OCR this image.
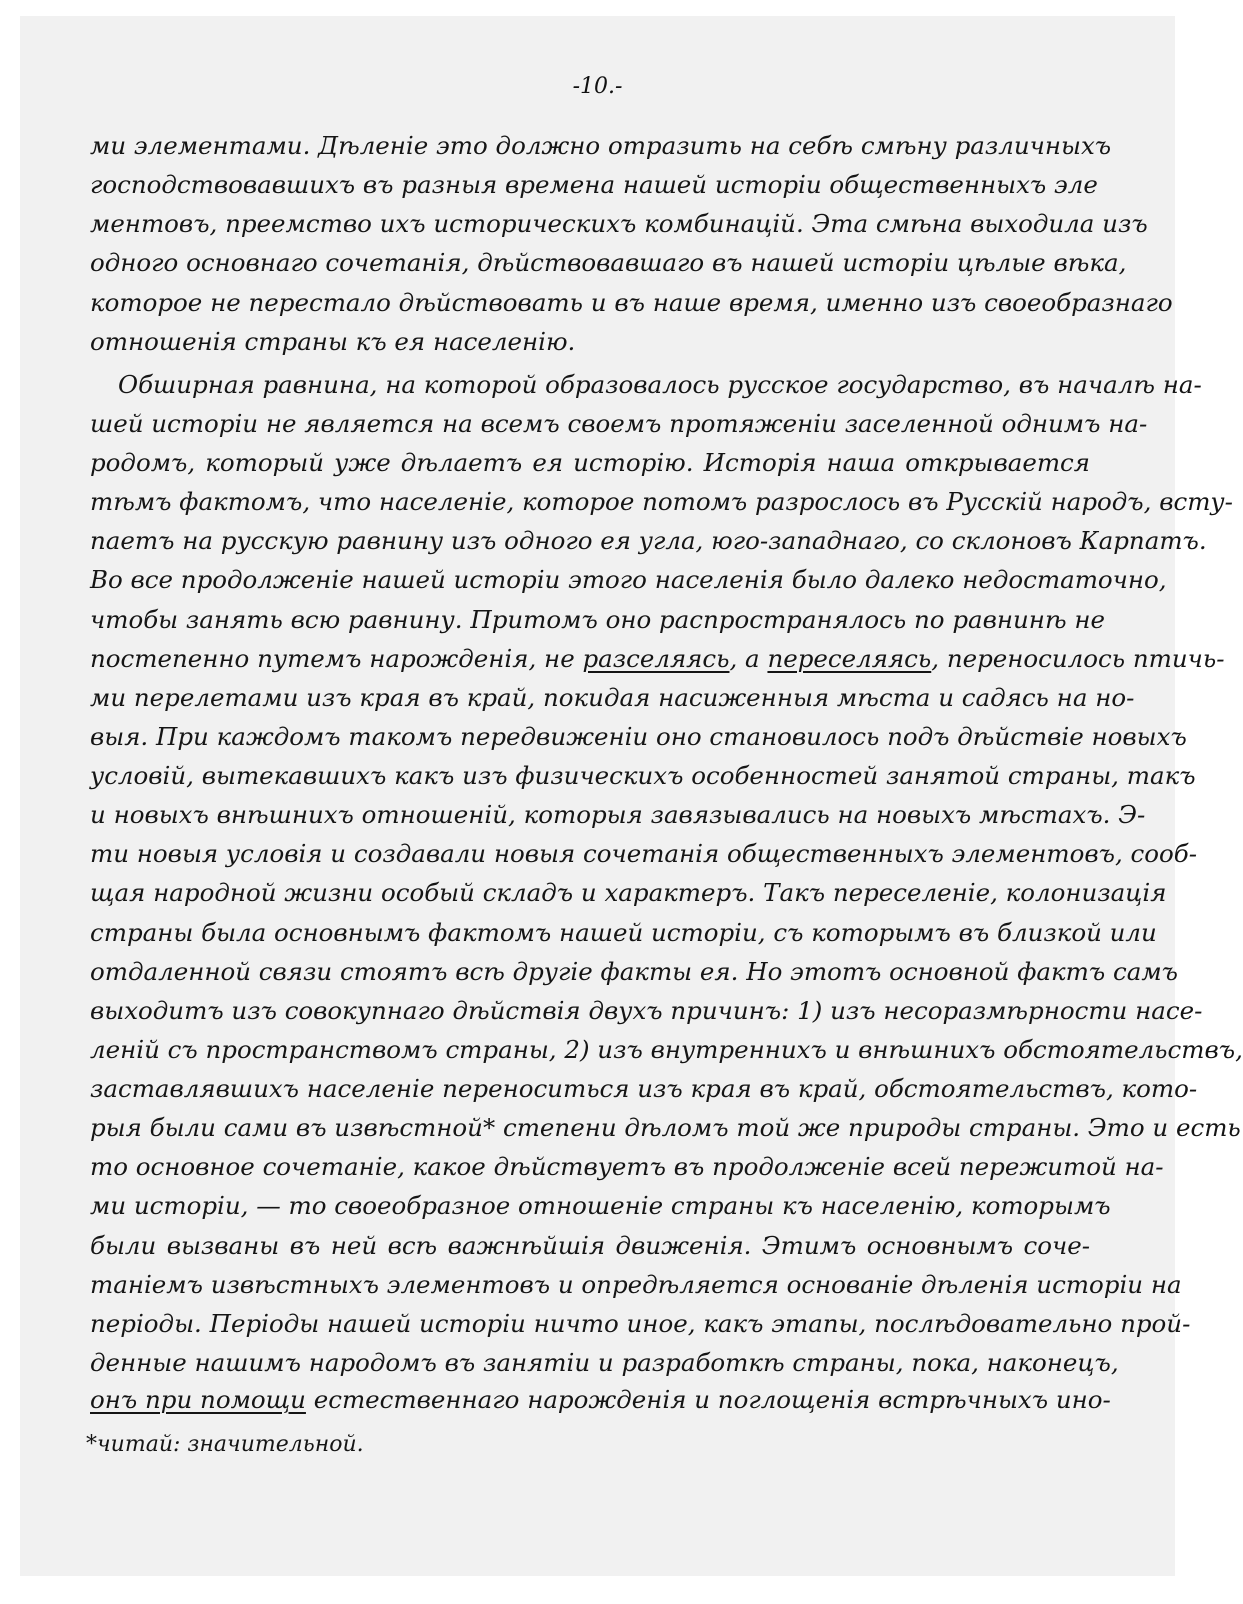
-10.-
ми элементами. Дѣленіе это должно отразить на себѣ смѣну различныхъ
господствовавшихъ въ разныя времена нашей исторіи общественныхъ эле
ментовъ, преемство ихъ историческихъ комбинацій. Эта смѣна выходила изъ
одного основнаго сочетанія, дѣйствовавшаго въ нашей исторіи цѣлые вѣка,
которое не перестало дѣйствовать и въ наше время, именно изъ своеобразнаго
отношенія страны къ ея населенію.
Обширная равнина, на которой образовалось русское государство, въ началѣ на-
шей исторіи не является на всемъ своемъ протяженіи заселенной однимъ на-
родомъ, который уже дѣлаетъ ея исторію. Исторія наша открывается
тѣмъ фактомъ, что населеніе, которое потомъ разрослось въ Русскій народъ, всту-
паетъ на русскую равнину изъ одного ея угла, юго-западнаго, со склоновъ Карпатъ.
Во все продолженіе нашей исторіи этого населенія было далеко недостаточно,
чтобы занять всю равнину. Притомъ оно распространялось по равнинѣ не
постепенно путемъ нарожденія, не разселяясь, а переселяясь, переносилось птичь-
ми перелетами изъ края въ край, покидая насиженныя мѣста и садясь на но-
выя. При каждомъ такомъ передвиженіи оно становилось подъ дѣйствіе новыхъ
условій, вытекавшихъ какъ изъ физическихъ особенностей занятой страны, такъ
и новыхъ внѣшнихъ отношеній, которыя завязывались на новыхъ мѣстахъ. Э-
ти новыя условія и создавали новыя сочетанія общественныхъ элементовъ, сооб-
щая народной жизни особый складъ и характеръ. Такъ переселеніе, колонизація
страны была основнымъ фактомъ нашей исторіи, съ которымъ въ близкой или
отдаленной связи стоятъ всѣ другіе факты ея. Но этотъ основной фактъ самъ
выходитъ изъ совокупнаго дѣйствія двухъ причинъ: 1) изъ несоразмѣрности насе-
леній съ пространствомъ страны, 2) изъ внутреннихъ и внѣшнихъ обстоятельствъ,
заставлявшихъ населеніе переноситься изъ края въ край, обстоятельствъ, кото-
рыя были сами въ извѣстной* степени дѣломъ той же природы страны. Это и есть
то основное сочетаніе, какое дѣйствуетъ въ продолженіе всей пережитой на-
ми исторіи, — то своеобразное отношеніе страны къ населенію, которымъ
были вызваны въ ней всѣ важнѣйшія движенія. Этимъ основнымъ соче-
таніемъ извѣстныхъ элементовъ и опредѣляется основаніе дѣленія исторіи на
періоды. Періоды нашей исторіи ничто иное, какъ этапы, послѣдовательно прой-
денные нашимъ народомъ въ занятіи и разработкѣ страны, пока, наконецъ,
онъ при помощи естественнаго нарожденія и поглощенія встрѣчныхъ ино-
*читай: значительной.
